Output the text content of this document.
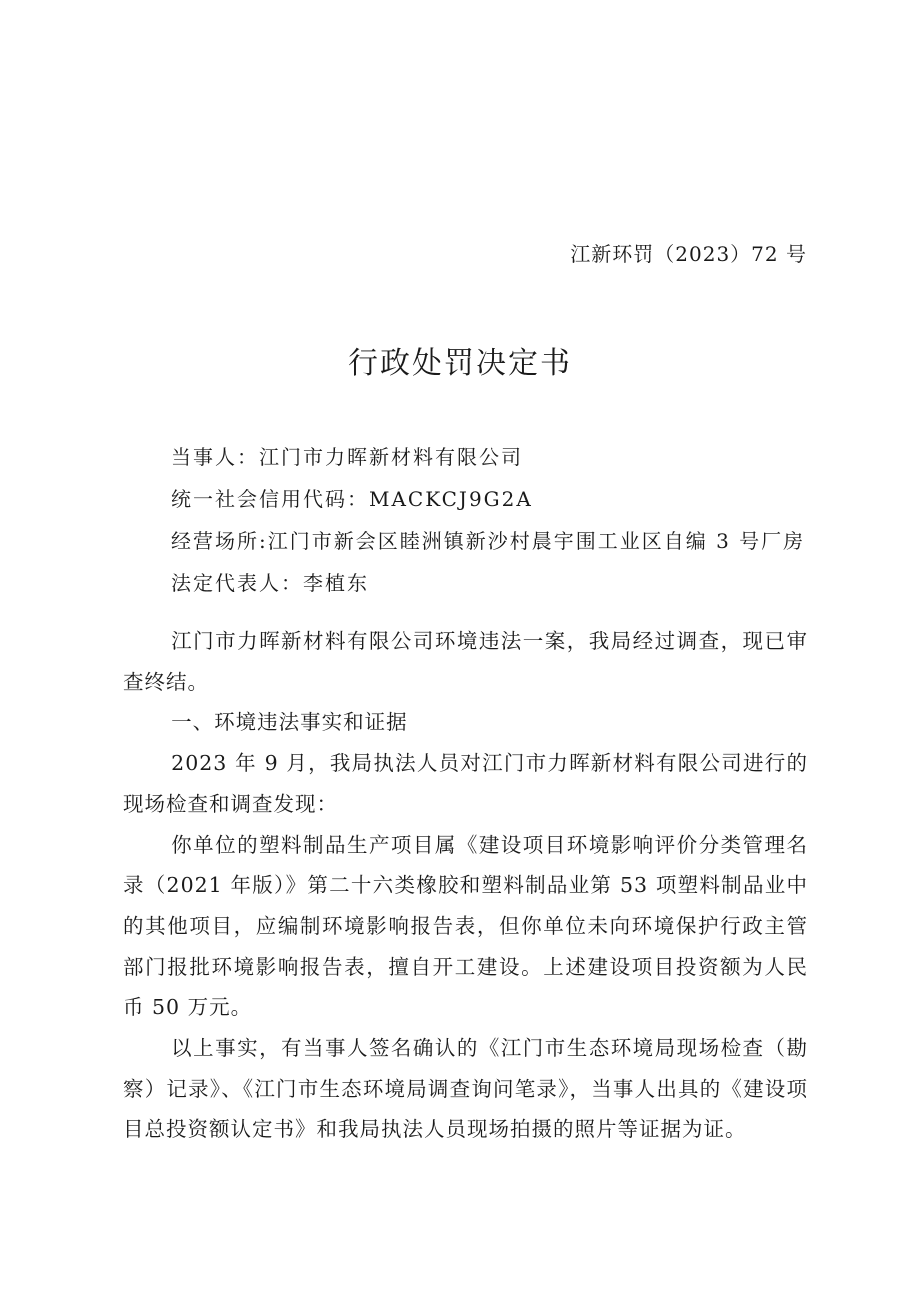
江新环罚（2023）72 号
行政处罚决定书
当事人：江门市力晖新材料有限公司
统一社会信用代码：MACKCJ9G2A
经营场所:江门市新会区睦洲镇新沙村晨宇围工业区自编 3 号厂房
法定代表人：李植东

江门市力晖新材料有限公司环境违法一案，我局经过调查，现已审查终结。

一、环境违法事实和证据

2023 年 9 月，我局执法人员对江门市力晖新材料有限公司进行的现场检查和调查发现：

你单位的塑料制品生产项目属《建设项目环境影响评价分类管理名录（2021 年版）》第二十六类橡胶和塑料制品业第 53 项塑料制品业中的其他项目，应编制环境影响报告表，但你单位未向环境保护行政主管部门报批环境影响报告表，擅自开工建设。上述建设项目投资额为人民币 50 万元。

以上事实，有当事人签名确认的《江门市生态环境局现场检查（勘察）记录》、《江门市生态环境局调查询问笔录》，当事人出具的《建设项目总投资额认定书》和我局执法人员现场拍摄的照片等证据为证。
